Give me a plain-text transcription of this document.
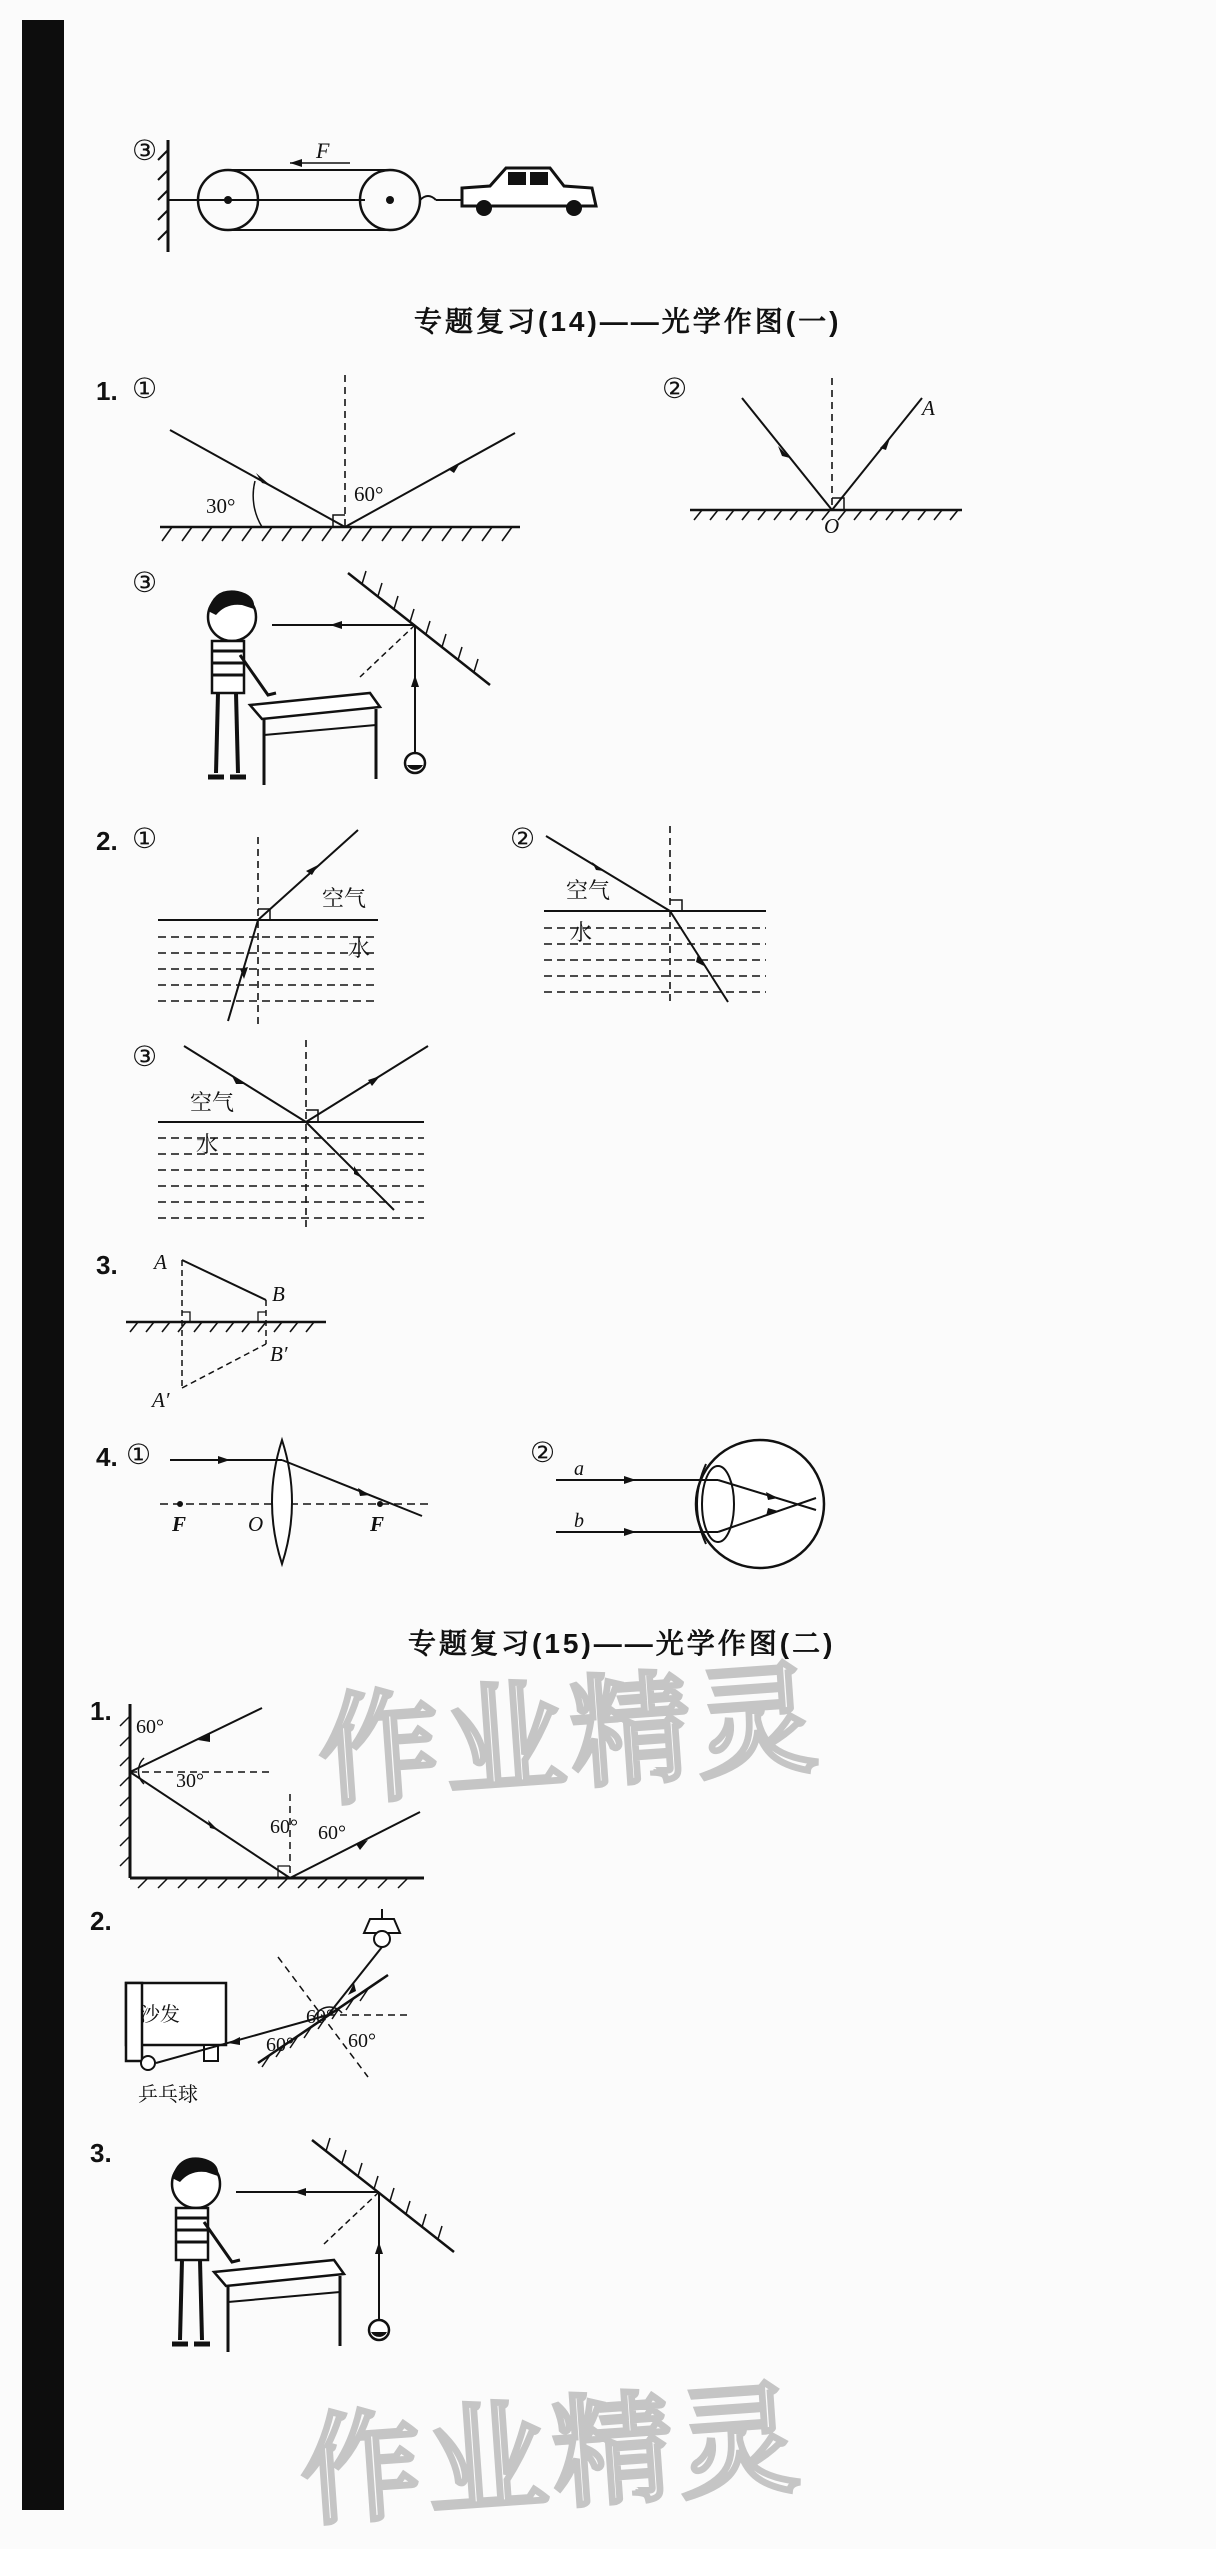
③	F
专题复习(14)——光学作图(一)
1. ①
30°	60°
②
A
O
③
2. ①
空气
水
②
空气
水
③
空气
水
3. A
B
B′
A′
4. ①
F	O	F
② a
b
专题复习(15)——光学作图(二)
1.
60°
30°
60° 60°
2.
沙发
乒乓球
60°
60°	60°
3.
作业精灵
作业精灵
